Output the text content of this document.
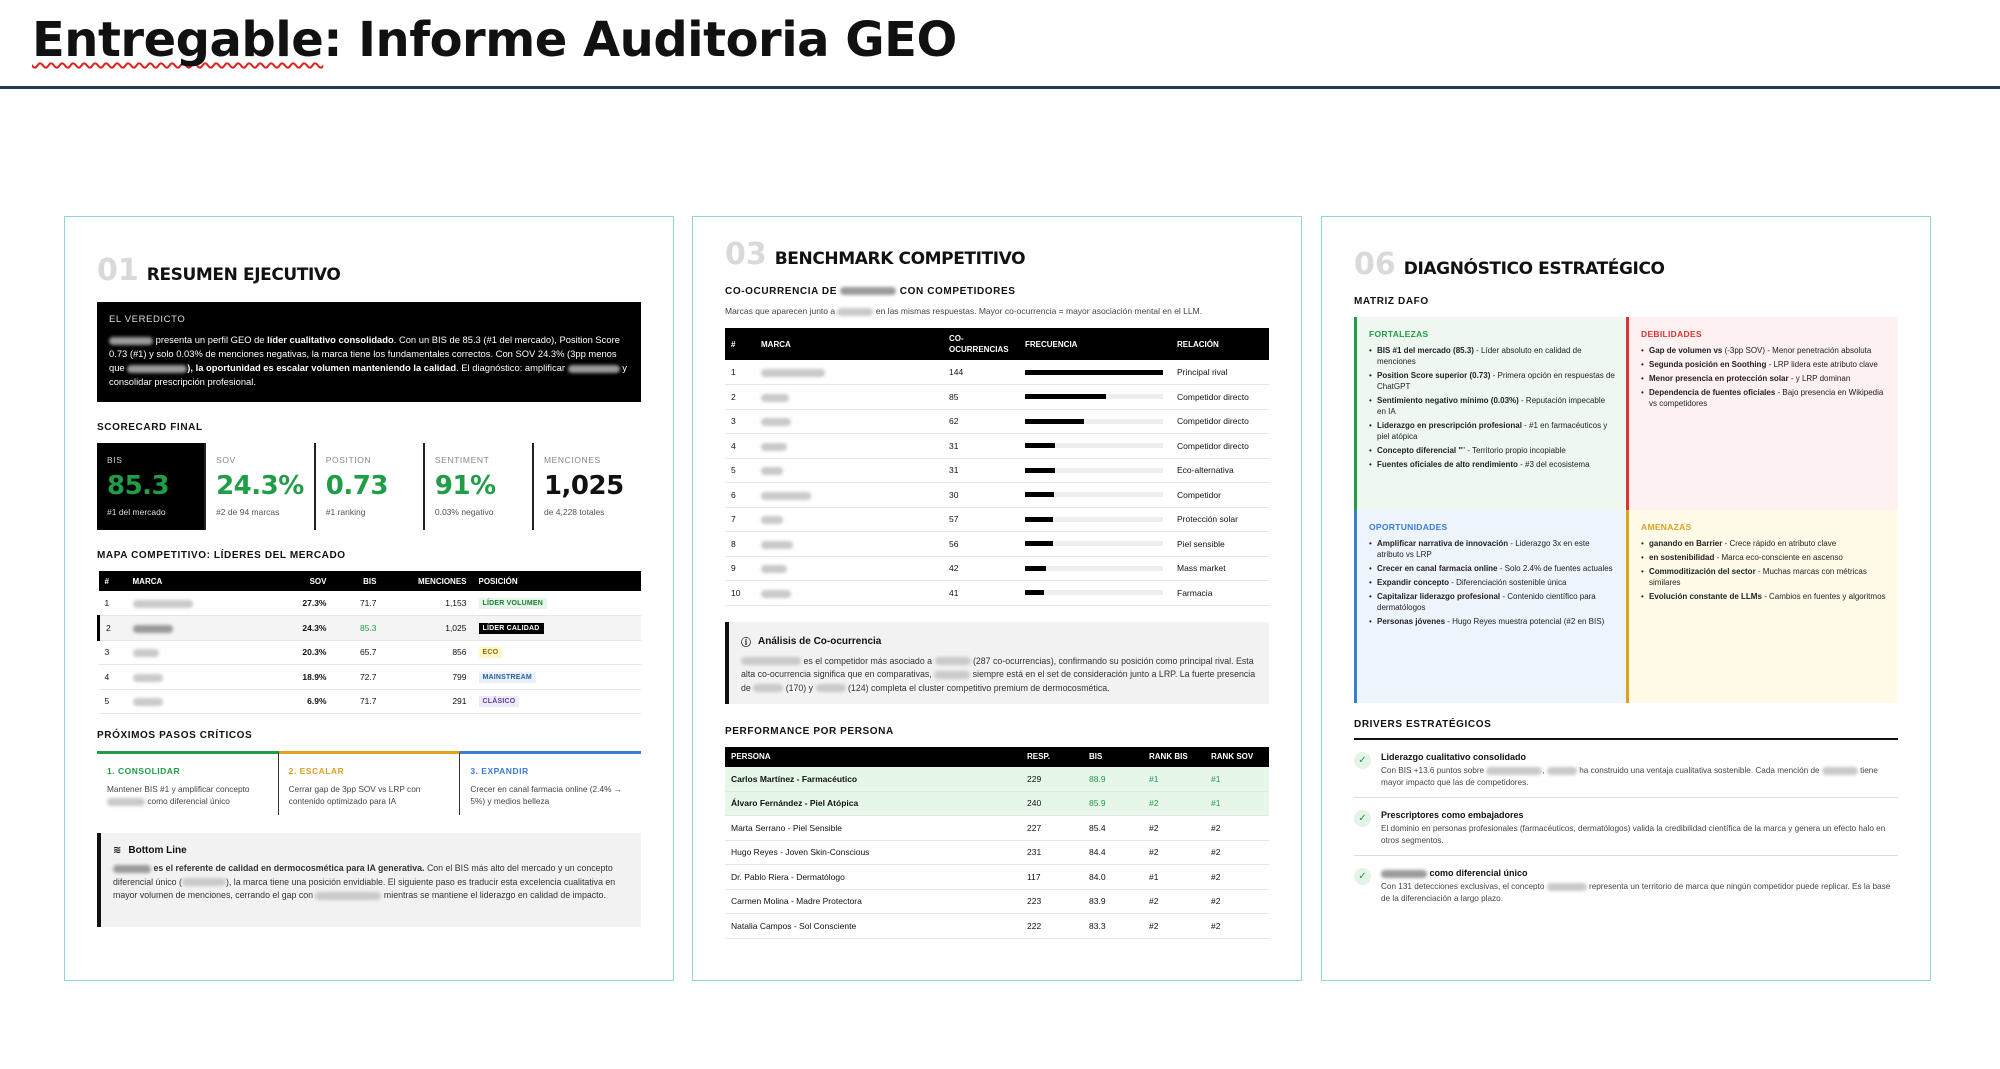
Entregable: Informe Auditoria GEO
01 RESUMEN EJECUTIVO
EL VEREDICTO
presenta un perfil GEO de líder cualitativo consolidado. Con un BIS de 85.3 (#1 del mercado), Position Score 0.73 (#1) y solo 0.03% de menciones negativas, la marca tiene los fundamentales correctos. Con SOV 24.3% (3pp menos que	), la oportunidad es escalar volumen manteniendo la calidad. El diagnóstico: amplificar	y consolidar prescripción profesional.
SCORECARD FINAL
BIS
85.3
#1 del mercado
SOV
24.3%
#2 de 94 marcas
POSITION
0.73
#1 ranking
SENTIMENT
91%
0.03% negativo
MENCIONES
1,025
de 4,228 totales
MAPA COMPETITIVO: LÍDERES DEL MERCADO
#	MARCA	SOV	BIS	MENCIONES	POSICIÓN
1		27.3%	71.7	1,153	LÍDER VOLUMEN
2		24.3%	85.3	1,025	LÍDER CALIDAD
3		20.3%	65.7	856	ECO
4		18.9%	72.7	799	MAINSTREAM
5		6.9%	71.7	291	CLÁSICO
PRÓXIMOS PASOS CRÍTICOS
1. CONSOLIDAR
Mantener BIS #1 y amplificar concepto
como diferencial único
2. ESCALAR
Cerrar gap de 3pp SOV vs LRP con contenido optimizado para IA
3. EXPANDIR
Crecer en canal farmacia online (2.4% → 5%) y medios belleza
≋ Bottom Line
es el referente de calidad en dermocosmética para IA generativa. Con el BIS más alto del mercado y un concepto diferencial único (	), la marca tiene una posición envidiable. El siguiente paso es traducir esta excelencia cualitativa en mayor volumen de menciones, cerrando el gap con	mientras se mantiene el liderazgo en calidad de impacto.
03 BENCHMARK COMPETITIVO
CO-OCURRENCIA DE	CON COMPETIDORES
Marcas que aparecen junto a	en las mismas respuestas. Mayor co-ocurrencia = mayor asociación mental en el LLM.
#	MARCA	CO-OCURRENCIAS	FRECUENCIA	RELACIÓN
1		144		Principal rival
2		85		Competidor directo
3		62		Competidor directo
4		31		Competidor directo
5		31		Eco-alternativa
6		30		Competidor
7		57		Protección solar
8		56		Piel sensible
9		42		Mass market
10		41		Farmacia
ⓘ Análisis de Co-ocurrencia
es el competidor más asociado a	(287 co-ocurrencias), confirmando su posición como principal rival. Esta alta co-ocurrencia significa que en comparativas,	siempre está en el set de consideración junto a LRP. La fuerte presencia de	(170) y	(124) completa el cluster competitivo premium de dermocosmética.
PERFORMANCE POR PERSONA
PERSONA	RESP.	BIS	RANK BIS	RANK SOV
Carlos Martínez - Farmacéutico	229	88.9	#1	#1
Álvaro Fernández - Piel Atópica	240	85.9	#2	#1
Marta Serrano - Piel Sensible	227	85.4	#2	#2
Hugo Reyes - Joven Skin-Conscious	231	84.4	#2	#2
Dr. Pablo Riera - Dermatólogo	117	84.0	#1	#2
Carmen Molina - Madre Protectora	223	83.9	#2	#2
Natalia Campos - Sol Consciente	222	83.3	#2	#2
06 DIAGNÓSTICO ESTRATÉGICO
MATRIZ DAFO
FORTALEZAS
• BIS #1 del mercado (85.3) - Líder absoluto en calidad de menciones
• Position Score superior (0.73) - Primera opción en respuestas de ChatGPT
• Sentimiento negativo mínimo (0.03%) - Reputación impecable en IA
• Liderazgo en prescripción profesional - #1 en farmacéuticos y piel atópica
• Concepto diferencial "" - Territorio propio incopiable
• Fuentes oficiales de alto rendimiento - #3 del ecosistema
DEBILIDADES
• Gap de volumen vs (-3pp SOV) - Menor penetración absoluta
• Segunda posición en Soothing - LRP lidera este atributo clave
• Menor presencia en protección solar - y LRP dominan
• Dependencia de fuentes oficiales - Bajo presencia en Wikipedia vs competidores
OPORTUNIDADES
• Amplificar narrativa de innovación - Liderazgo 3x en este atributo vs LRP
• Crecer en canal farmacia online - Solo 2.4% de fuentes actuales
• Expandir concepto - Diferenciación sostenible única
• Capitalizar liderazgo profesional - Contenido científico para dermatólogos
• Personas jóvenes - Hugo Reyes muestra potencial (#2 en BIS)
AMENAZAS
• ganando en Barrier - Crece rápido en atributo clave
• en sostenibilidad - Marca eco-consciente en ascenso
• Commoditización del sector - Muchas marcas con métricas similares
• Evolución constante de LLMs - Cambios en fuentes y algoritmos
DRIVERS ESTRATÉGICOS
✓	Liderazgo cualitativo consolidado
Con BIS +13.6 puntos sobre	,	ha construido una ventaja cualitativa sostenible. Cada mención de	tiene mayor impacto que las de competidores.
✓	Prescriptores como embajadores
El dominio en personas profesionales (farmacéuticos, dermatólogos) valida la credibilidad científica de la marca y genera un efecto halo en otros segmentos.
✓	como diferencial único
Con 131 detecciones exclusivas, el concepto	representa un territorio de marca que ningún competidor puede replicar. Es la base de la diferenciación a largo plazo.
